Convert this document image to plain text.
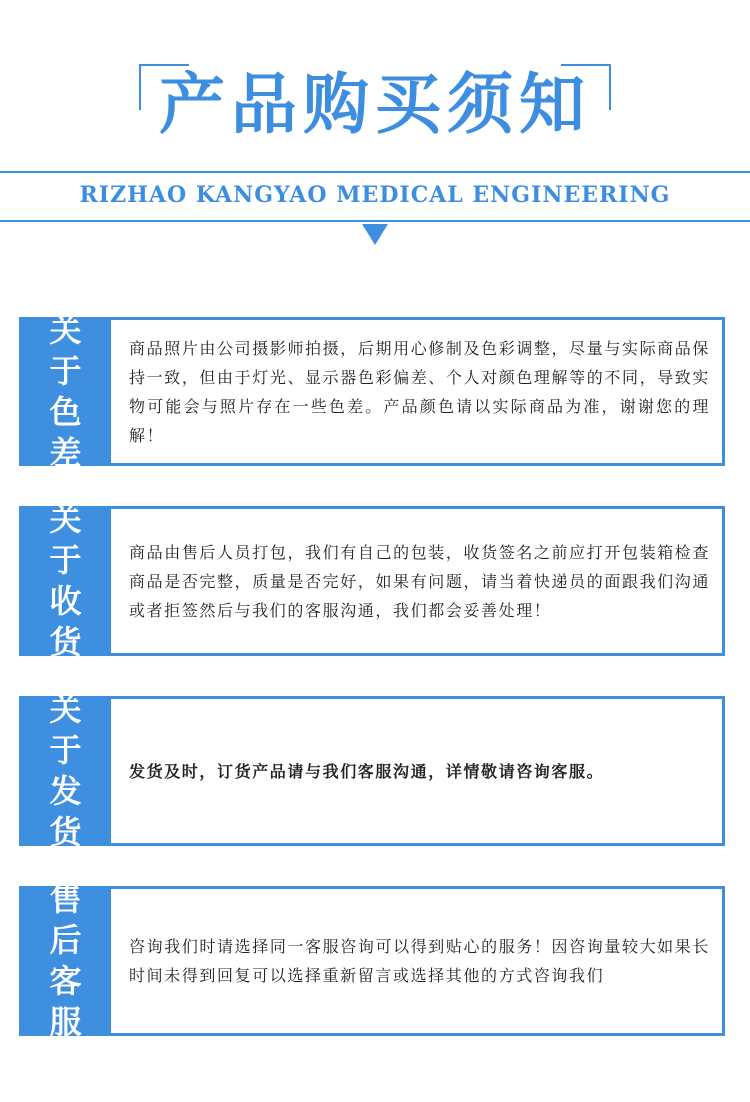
产品购买须知
RIZHAO KANGYAO MEDICAL ENGINEERING
关于色差

商品照片由公司摄影师拍摄，后期用心修制及色彩调整，尽量与实际商品保持一致，但由于灯光、显示器色彩偏差、个人对颜色理解等的不同，导致实物可能会与照片存在一些色差。产品颜色请以实际商品为准，谢谢您的理解！

关于收货

商品由售后人员打包，我们有自己的包装，收货签名之前应打开包装箱检查商品是否完整，质量是否完好，如果有问题，请当着快递员的面跟我们沟通或者拒签然后与我们的客服沟通，我们都会妥善处理！

关于发货

发货及时，订货产品请与我们客服沟通，详情敬请咨询客服。

售后客服

咨询我们时请选择同一客服咨询可以得到贴心的服务！因咨询量较大如果长时间未得到回复可以选择重新留言或选择其他的方式咨询我们
